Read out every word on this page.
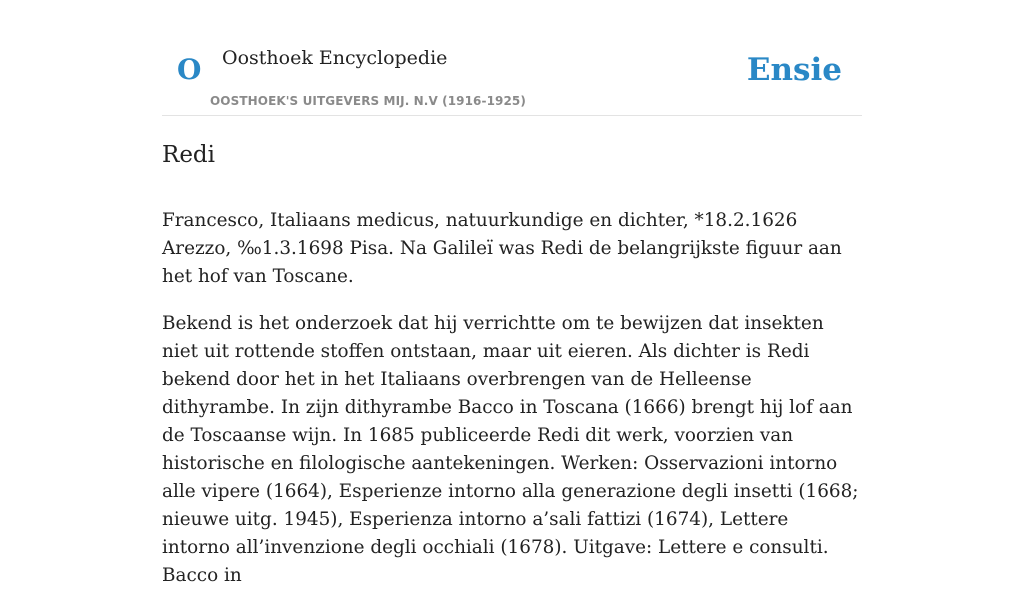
O Oosthoek Encyclopedie
OOSTHOEK'S UITGEVERS MIJ. N.V (1916-1925)
Ensie
Redi

Francesco, Italiaans medicus, natuurkundige en dichter, *18.2.1626 Arezzo, ‰1.3.1698 Pisa. Na Galileï was Redi de belangrijkste figuur aan het hof van Toscane.

Bekend is het onderzoek dat hij verrichtte om te bewijzen dat insekten niet uit rottende stoffen ontstaan, maar uit eieren. Als dichter is Redi bekend door het in het Italiaans overbrengen van de Helleense dithyrambe. In zijn dithyrambe Bacco in Toscana (1666) brengt hij lof aan de Toscaanse wijn. In 1685 publiceerde Redi dit werk, voorzien van historische en filologische aantekeningen. Werken: Osservazioni intorno alle vipere (1664), Esperienze intorno alla generazione degli insetti (1668; nieuwe uitg. 1945), Esperienza intorno a’sali fattizi (1674), Lettere intorno all’invenzione degli occhiali (1678). Uitgave: Lettere e consulti. Bacco in
